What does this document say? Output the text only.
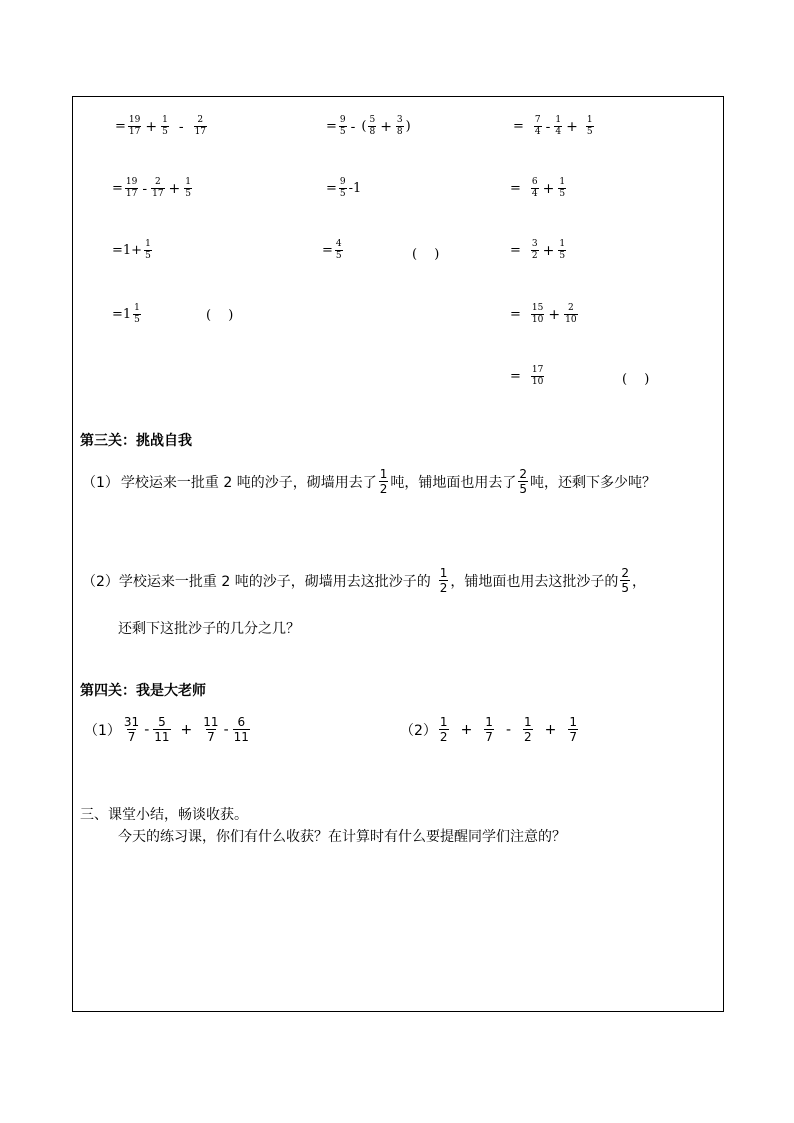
= $\frac{19}{17} + \frac{1}{5} - \frac{2}{17}$
= $\frac{19}{17} - \frac{2}{17} + \frac{1}{5}$
$=1+ \frac{1}{5}$
$=1 \frac{1}{5}$	(　 )
= $\frac{9}{5}$ - ( $\frac{5}{8} + \frac{3}{8}$ )
= $\frac{9}{5} -1$
= $\frac{4}{5}$	(　 )
= $\frac{7}{4} - \frac{1}{4} + \frac{1}{5}$
= $\frac{6}{4} + \frac{1}{5}$
= $\frac{3}{2} + \frac{1}{5}$
= $\frac{15}{10} + \frac{2}{10}$
= $\frac{17}{10}$	(　 )
第三关：挑战自我
（1） 学校运来一批重 2 吨的沙子，砌墙用去了 $\frac{1}{2}$ 吨，铺地面也用去了 $\frac{2}{5}$ 吨，还剩下多少吨？
（2） 学校运来一批重 2 吨的沙子，砌墙用去这批沙子的 $\frac{1}{2}$ ，铺地面也用去这批沙子的 $\frac{2}{5}$ ，
还剩下这批沙子的几分之几？
第四关：我是大老师
$(1) \frac{31}{7} - \frac{5}{11} + \frac{11}{7} - \frac{6}{11}$	$(2) \frac{1}{2} + \frac{1}{7} - \frac{1}{2} + \frac{1}{7}$
三、课堂小结，畅谈收获。
今天的练习课，你们有什么收获？在计算时有什么要提醒同学们注意的？
